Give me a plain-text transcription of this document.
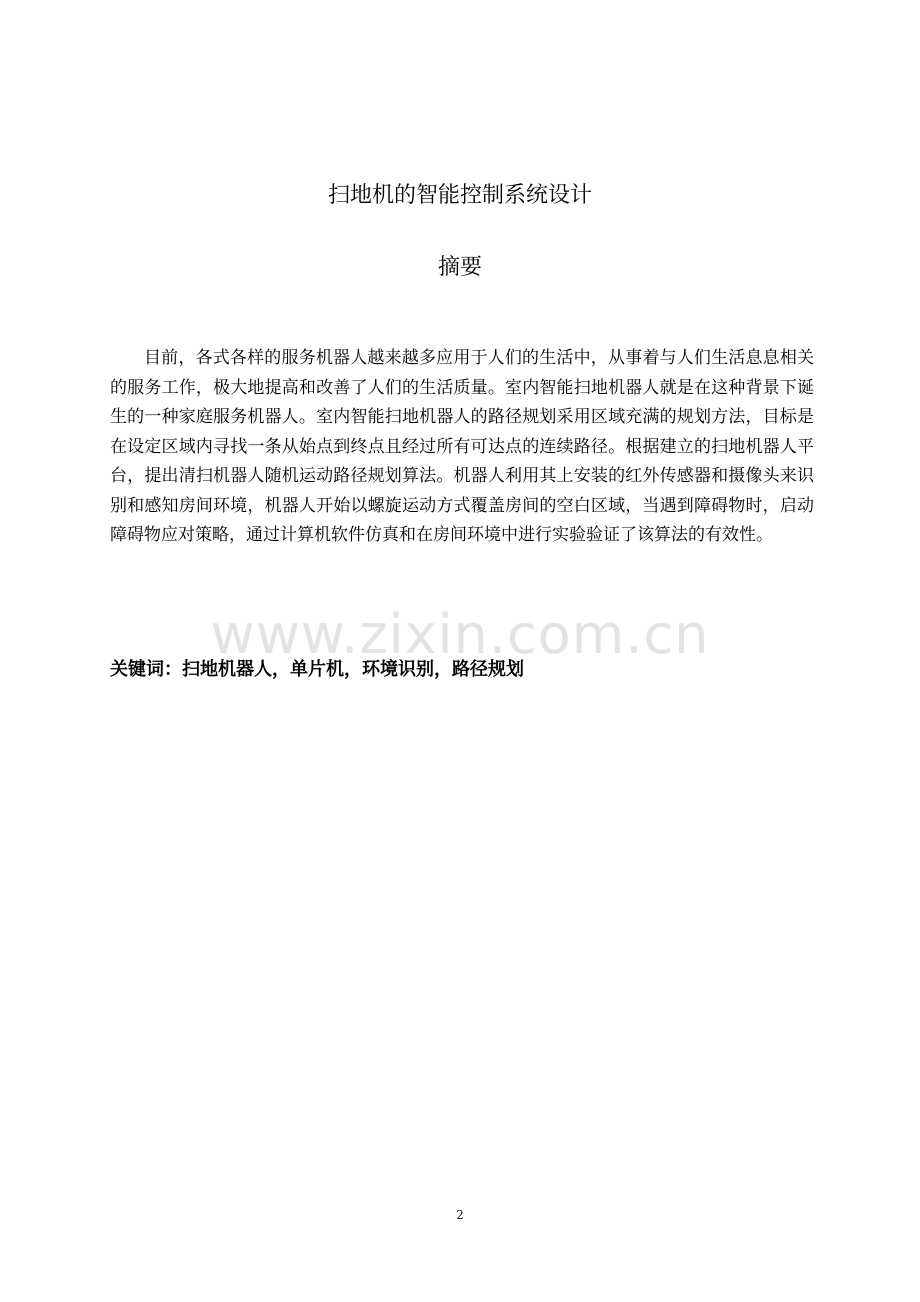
扫地机的智能控制系统设计
摘要

目前，各式各样的服务机器人越来越多应用于人们的生活中，从事着与人们生活息息相关的服务工作，极大地提高和改善了人们的生活质量。室内智能扫地机器人就是在这种背景下诞生的一种家庭服务机器人。室内智能扫地机器人的路径规划采用区域充满的规划方法，目标是在设定区域内寻找一条从始点到终点且经过所有可达点的连续路径。根据建立的扫地机器人平台，提出清扫机器人随机运动路径规划算法。机器人利用其上安装的红外传感器和摄像头来识别和感知房间环境，机器人开始以螺旋运动方式覆盖房间的空白区域，当遇到障碍物时，启动障碍物应对策略，通过计算机软件仿真和在房间环境中进行实验验证了该算法的有效性。

www.zixin.com.cn

关键词：扫地机器人，单片机，环境识别，路径规划

2
